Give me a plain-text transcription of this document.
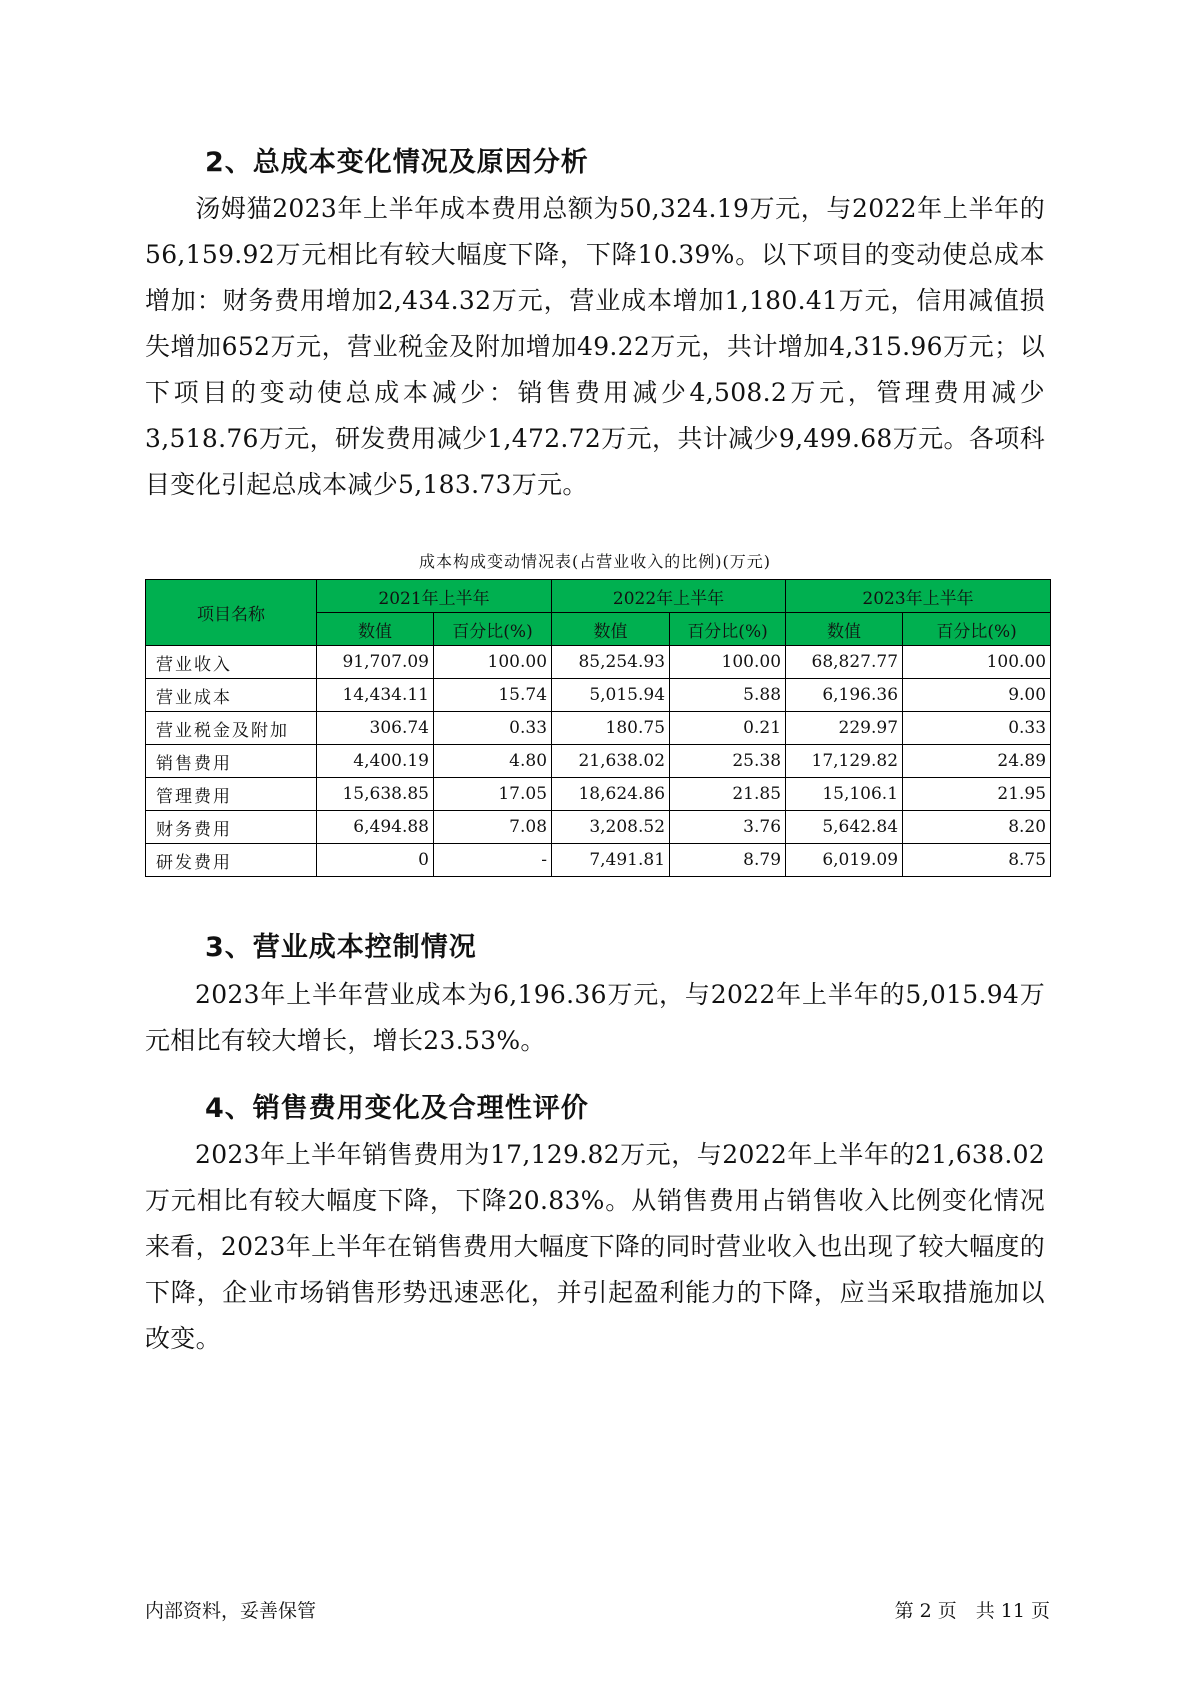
2、总成本变化情况及原因分析

汤姆猫2023年上半年成本费用总额为50,324.19万元，与2022年上半年的56,159.92万元相比有较大幅度下降，下降10.39%。以下项目的变动使总成本增加：财务费用增加2,434.32万元，营业成本增加1,180.41万元，信用减值损失增加652万元，营业税金及附加增加49.22万元，共计增加4,315.96万元；以下项目的变动使总成本减少：销售费用减少4,508.2万元，管理费用减少3,518.76万元，研发费用减少1,472.72万元，共计减少9,499.68万元。各项科目变化引起总成本减少5,183.73万元。

成本构成变动情况表(占营业收入的比例)(万元)
项目名称	2021年上半年		2022年上半年		2023年上半年	
	数值	百分比(%)	数值	百分比(%)	数值	百分比(%)
营业收入	91,707.09	100.00	85,254.93	100.00	68,827.77	100.00
营业成本	14,434.11	15.74	5,015.94	5.88	6,196.36	9.00
营业税金及附加	306.74	0.33	180.75	0.21	229.97	0.33
销售费用	4,400.19	4.80	21,638.02	25.38	17,129.82	24.89
管理费用	15,638.85	17.05	18,624.86	21.85	15,106.1	21.95
财务费用	6,494.88	7.08	3,208.52	3.76	5,642.84	8.20
研发费用	0	-	7,491.81	8.79	6,019.09	8.75
3、营业成本控制情况

2023年上半年营业成本为6,196.36万元，与2022年上半年的5,015.94万元相比有较大增长，增长23.53%。

4、销售费用变化及合理性评价

2023年上半年销售费用为17,129.82万元，与2022年上半年的21,638.02万元相比有较大幅度下降，下降20.83%。从销售费用占销售收入比例变化情况来看，2023年上半年在销售费用大幅度下降的同时营业收入也出现了较大幅度的下降，企业市场销售形势迅速恶化，并引起盈利能力的下降，应当采取措施加以改变。

内部资料，妥善保管	第 2 页　共 11 页
